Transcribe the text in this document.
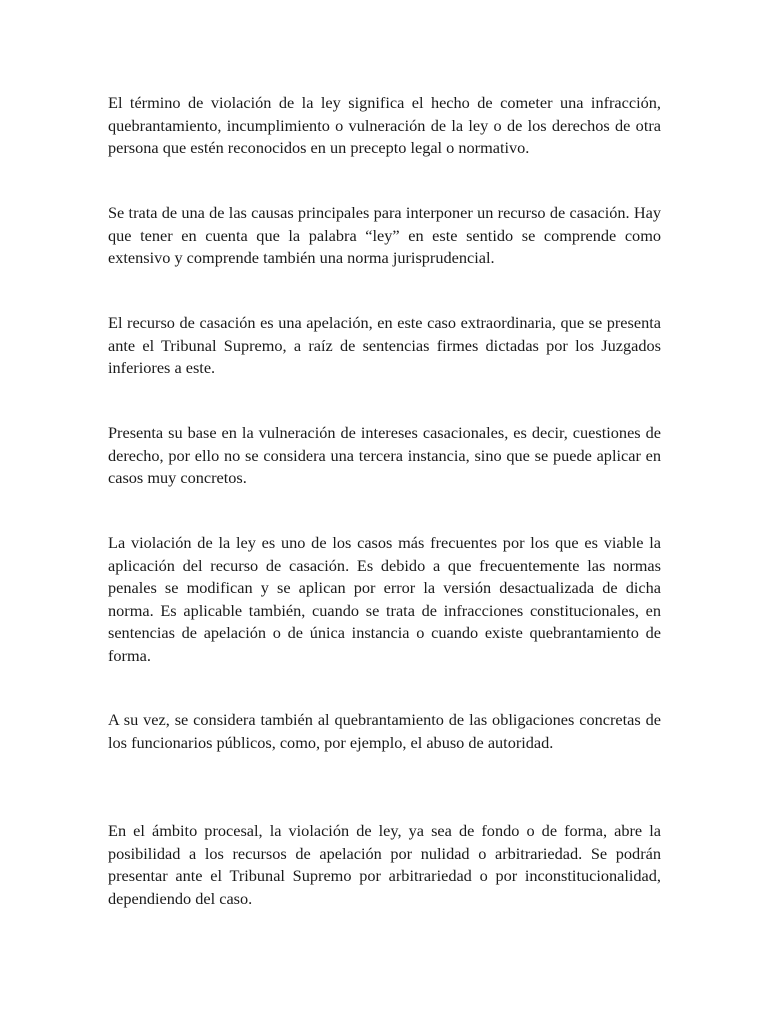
El término de violación de la ley significa el hecho de cometer una infracción, quebrantamiento, incumplimiento o vulneración de la ley o de los derechos de otra persona que estén reconocidos en un precepto legal o normativo.

Se trata de una de las causas principales para interponer un recurso de casación. Hay que tener en cuenta que la palabra “ley” en este sentido se comprende como extensivo y comprende también una norma jurisprudencial.

El recurso de casación es una apelación, en este caso extraordinaria, que se presenta ante el Tribunal Supremo, a raíz de sentencias firmes dictadas por los Juzgados inferiores a este.

Presenta su base en la vulneración de intereses casacionales, es decir, cuestiones de derecho, por ello no se considera una tercera instancia, sino que se puede aplicar en casos muy concretos.

La violación de la ley es uno de los casos más frecuentes por los que es viable la aplicación del recurso de casación. Es debido a que frecuentemente las normas penales se modifican y se aplican por error la versión desactualizada de dicha norma. Es aplicable también, cuando se trata de infracciones constitucionales, en sentencias de apelación o de única instancia o cuando existe quebrantamiento de forma.

A su vez, se considera también al quebrantamiento de las obligaciones concretas de los funcionarios públicos, como, por ejemplo, el abuso de autoridad.

En el ámbito procesal, la violación de ley, ya sea de fondo o de forma, abre la posibilidad a los recursos de apelación por nulidad o arbitrariedad. Se podrán presentar ante el Tribunal Supremo por arbitrariedad o por inconstitucionalidad, dependiendo del caso.
